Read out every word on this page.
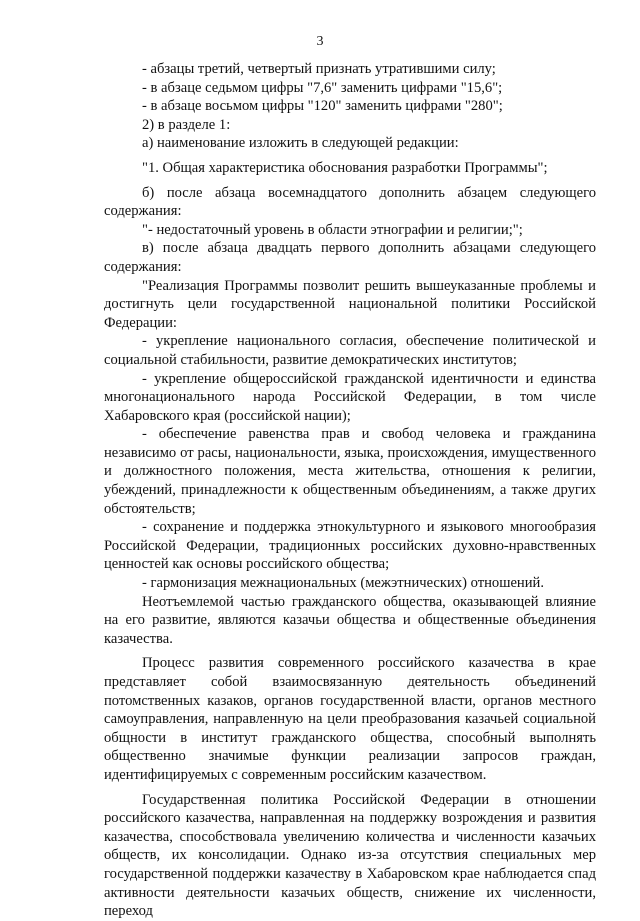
3

- абзацы третий, четвертый признать утратившими силу;

- в абзаце седьмом цифры "7,6" заменить цифрами "15,6";

- в абзаце восьмом цифры "120" заменить цифрами "280";

2) в разделе 1:

а) наименование изложить в следующей редакции:

"1. Общая характеристика обоснования разработки Программы";

б) после абзаца восемнадцатого дополнить абзацем следующего содержания:

"- недостаточный уровень в области этнографии и религии;";

в) после абзаца двадцать первого дополнить абзацами следующего содержания:

"Реализация Программы позволит решить вышеуказанные проблемы и достигнуть цели государственной национальной политики Российской Федерации:

- укрепление национального согласия, обеспечение политической и социальной стабильности, развитие демократических институтов;

- укрепление общероссийской гражданской идентичности и единства многонационального народа Российской Федерации, в том числе Хабаровского края (российской нации);

- обеспечение равенства прав и свобод человека и гражданина независимо от расы, национальности, языка, происхождения, имущественного и должностного положения, места жительства, отношения к религии, убеждений, принадлежности к общественным объединениям, а также других обстоятельств;

- сохранение и поддержка этнокультурного и языкового многообразия Российской Федерации, традиционных российских духовно-нравственных ценностей как основы российского общества;

- гармонизация межнациональных (межэтнических) отношений.

Неотъемлемой частью гражданского общества, оказывающей влияние на его развитие, являются казачьи общества и общественные объединения казачества.

Процесс развития современного российского казачества в крае представляет собой взаимосвязанную деятельность объединений потомственных казаков, органов государственной власти, органов местного самоуправления, направленную на цели преобразования казачьей социальной общности в институт гражданского общества, способный выполнять общественно значимые функции реализации запросов граждан, идентифицируемых с современным российским казачеством.

Государственная политика Российской Федерации в отношении российского казачества, направленная на поддержку возрождения и развития казачества, способствовала увеличению количества и численности казачьих обществ, их консолидации. Однако из-за отсутствия специальных мер государственной поддержки казачеству в Хабаровском крае наблюдается спад активности деятельности казачьих обществ, снижение их численности, переход
